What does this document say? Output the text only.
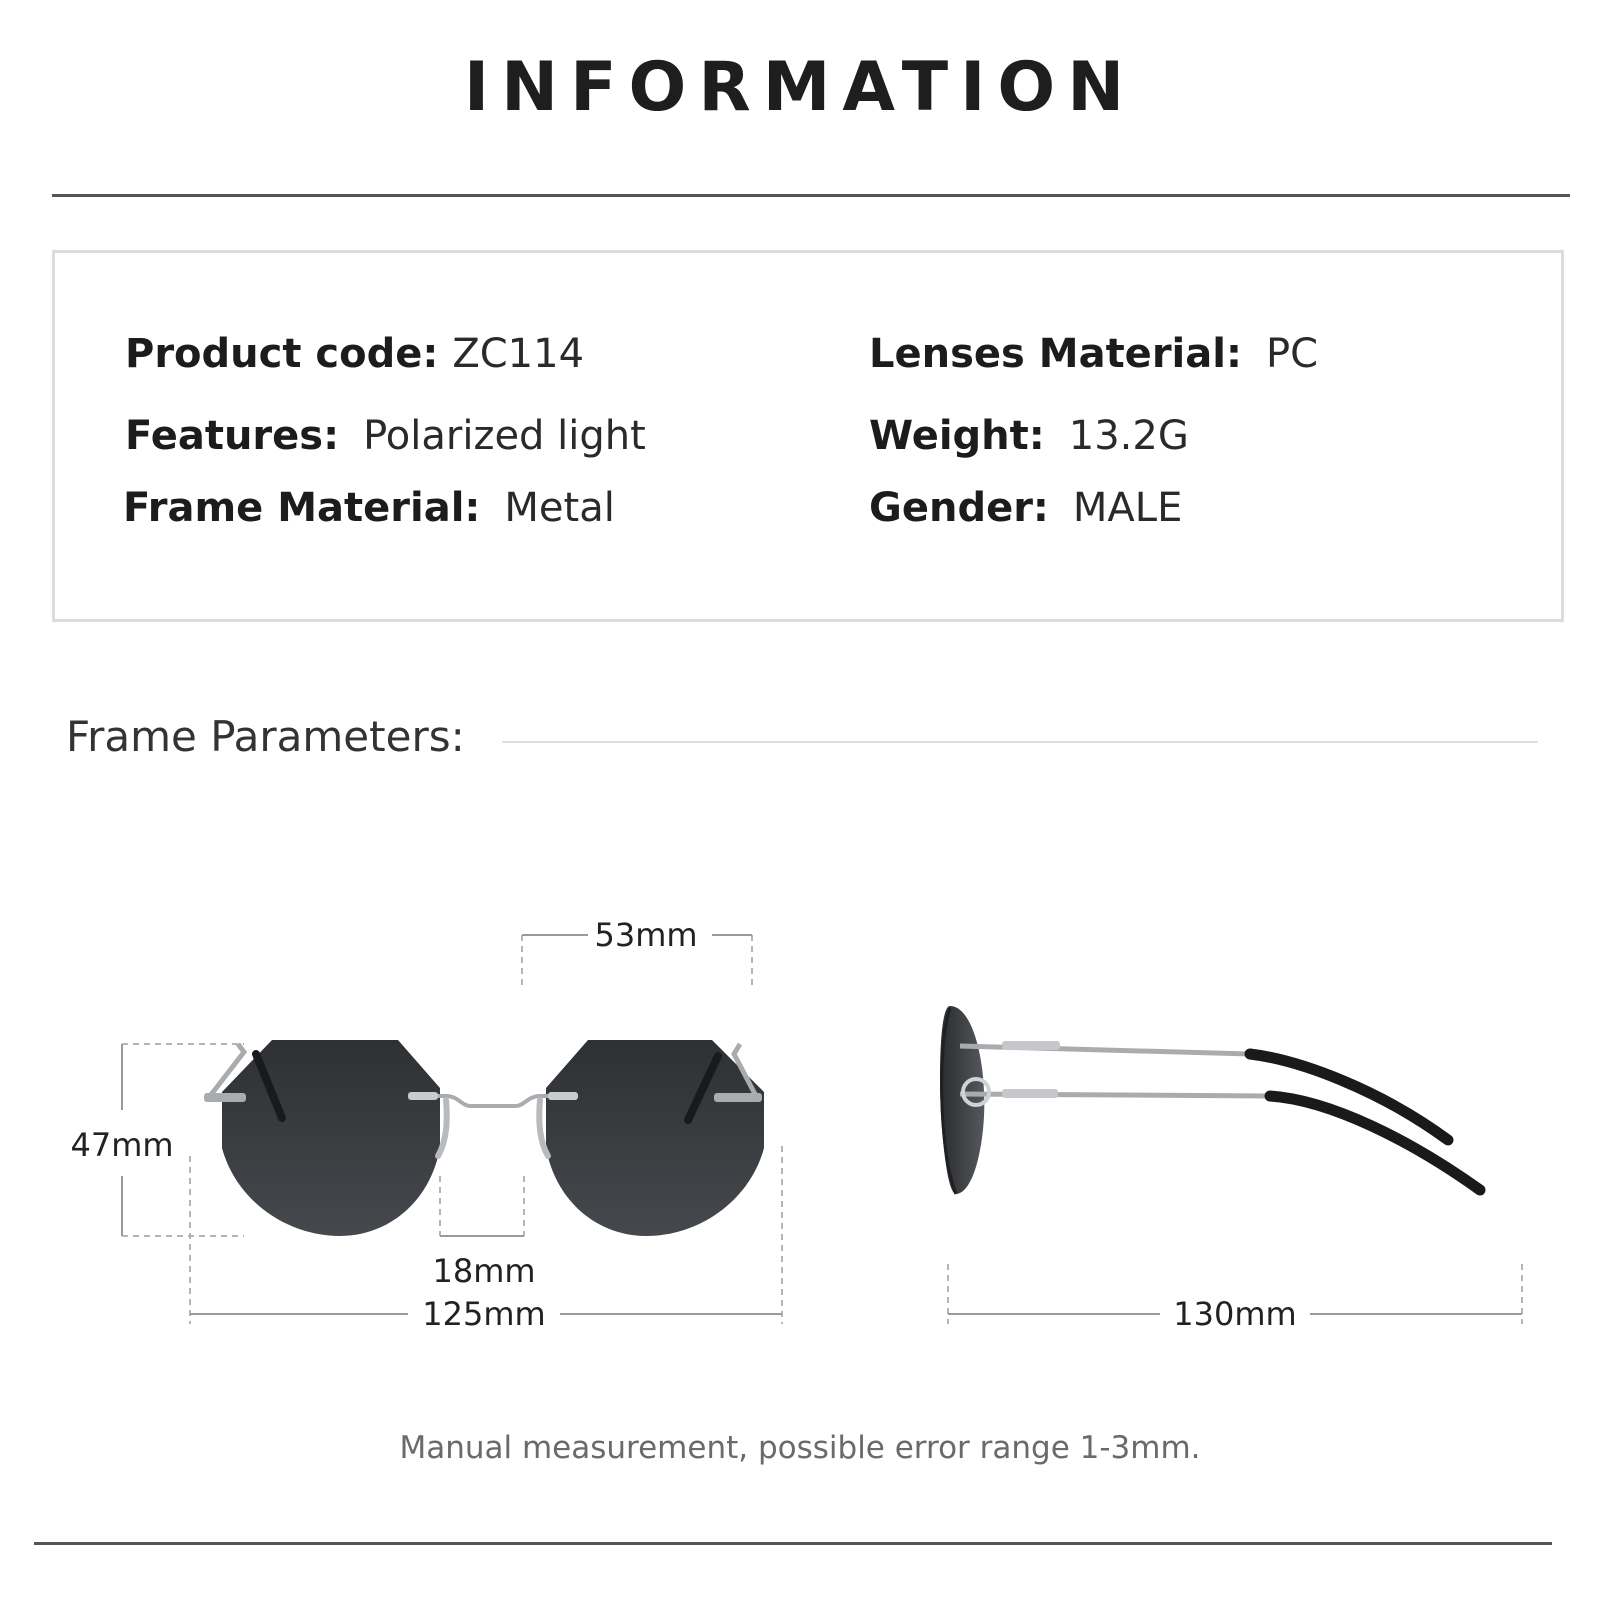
INFORMATION
Product code: ZC114
Features: Polarized light
Frame Material: Metal
Lenses Material: PC
Weight: 13.2G
Gender: MALE
Frame Parameters:
53mm
47mm
18mm
125mm	130mm
Manual measurement, possible error range 1-3mm.
